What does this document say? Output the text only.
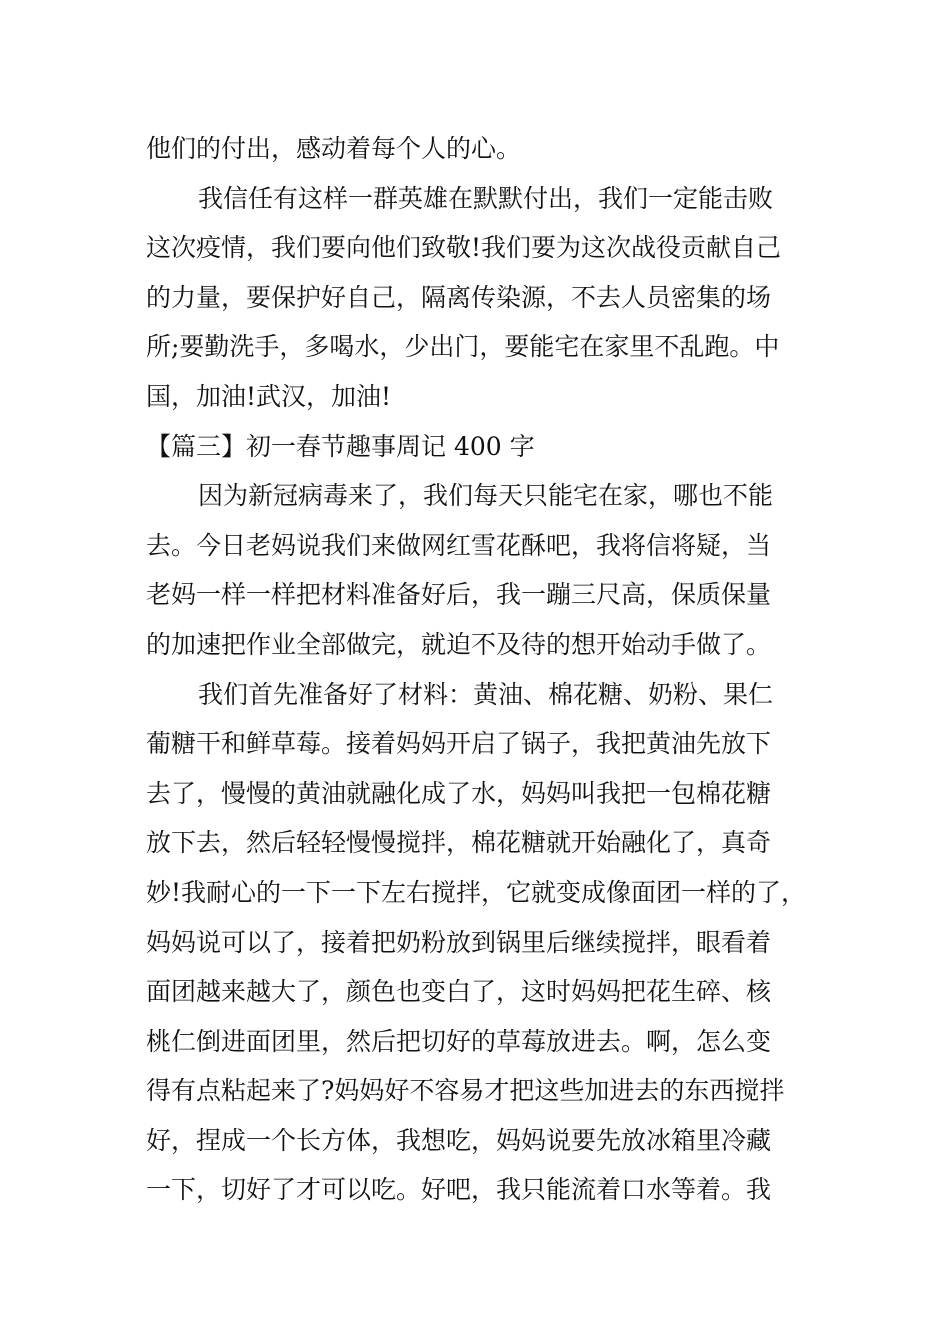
他们的付出，感动着每个人的心。
我信任有这样一群英雄在默默付出，我们一定能击败
这次疫情，我们要向他们致敬!我们要为这次战役贡献自己
的力量，要保护好自己，隔离传染源，不去人员密集的场
所;要勤洗手，多喝水，少出门，要能宅在家里不乱跑。中
国，加油!武汉，加油!
【篇三】初一春节趣事周记 400 字
因为新冠病毒来了，我们每天只能宅在家，哪也不能
去。今日老妈说我们来做网红雪花酥吧，我将信将疑，当
老妈一样一样把材料准备好后，我一蹦三尺高，保质保量
的加速把作业全部做完，就迫不及待的想开始动手做了。
我们首先准备好了材料：黄油、棉花糖、奶粉、果仁
葡糖干和鲜草莓。接着妈妈开启了锅子，我把黄油先放下
去了，慢慢的黄油就融化成了水，妈妈叫我把一包棉花糖
放下去，然后轻轻慢慢搅拌，棉花糖就开始融化了，真奇
妙!我耐心的一下一下左右搅拌，它就变成像面团一样的了，
妈妈说可以了，接着把奶粉放到锅里后继续搅拌，眼看着
面团越来越大了，颜色也变白了，这时妈妈把花生碎、核
桃仁倒进面团里，然后把切好的草莓放进去。啊，怎么变
得有点粘起来了?妈妈好不容易才把这些加进去的东西搅拌
好，捏成一个长方体，我想吃，妈妈说要先放冰箱里冷藏
一下，切好了才可以吃。好吧，我只能流着口水等着。我
